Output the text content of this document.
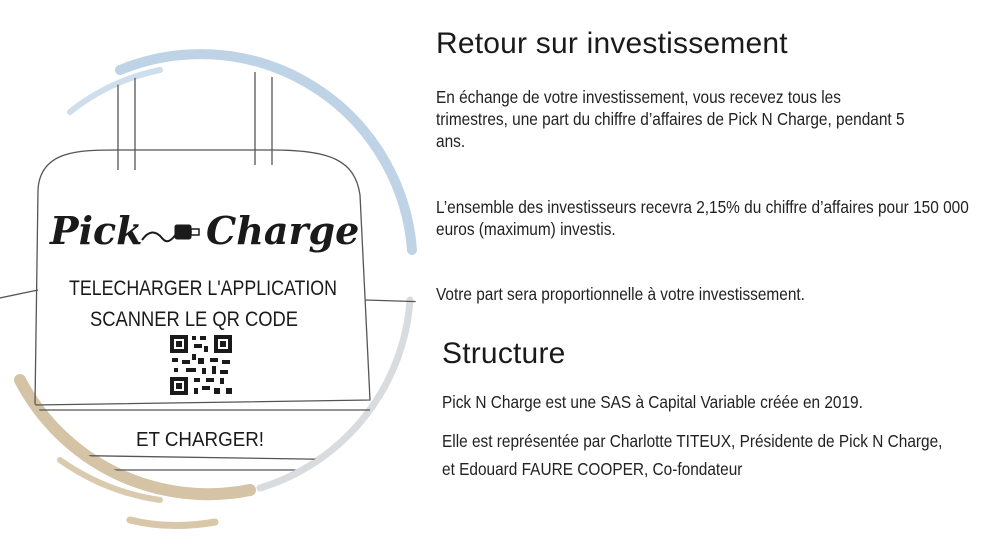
Pick Charge
TELECHARGER L'APPLICATION
SCANNER LE QR CODE
ET CHARGER!
Retour sur investissement

En échange de votre investissement, vous recevez tous les trimestres, une part du chiffre d’affaires de Pick N Charge, pendant 5 ans.

L’ensemble des investisseurs recevra 2,15% du chiffre d’affaires pour 150 000 euros (maximum) investis.

Votre part sera proportionnelle à votre investissement.

Structure

Pick N Charge est une SAS à Capital Variable créée en 2019.

Elle est représentée par Charlotte TITEUX, Présidente de Pick N Charge, et Edouard FAURE COOPER, Co-fondateur
